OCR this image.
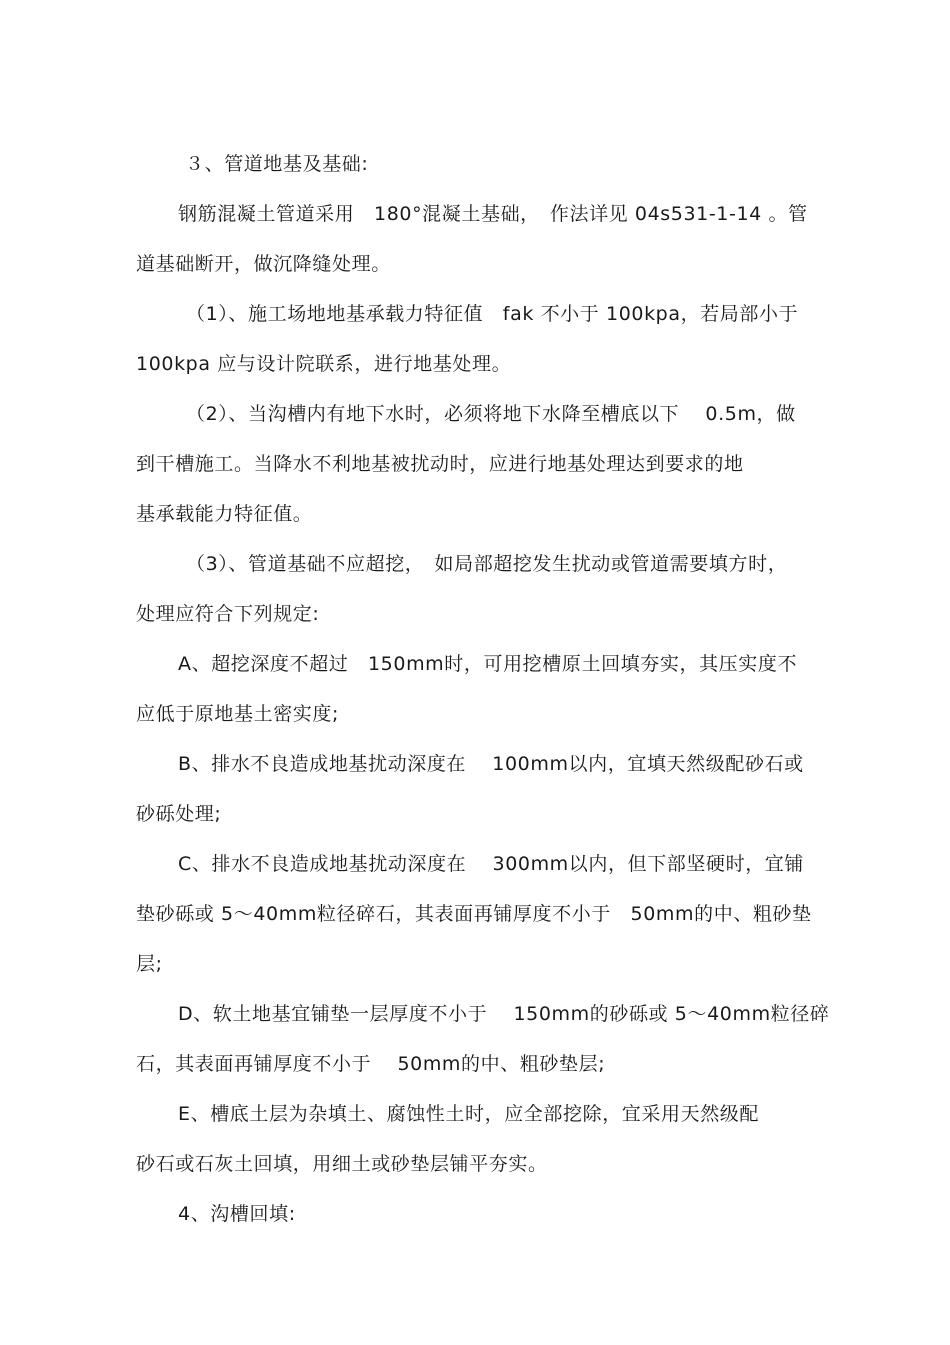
３、管道地基及基础:
钢筋混凝土管道采用　180°混凝土基础，　作法详见 04s531-1-14 。管
道基础断开，做沉降缝处理。
（1）、施工场地地基承载力特征值　fak 不小于 100kpa，若局部小于
100kpa 应与设计院联系，进行地基处理。
（2）、当沟槽内有地下水时，必须将地下水降至槽底以下　 0.5m，做
到干槽施工。当降水不利地基被扰动时，应进行地基处理达到要求的地
基承载能力特征值。
（3）、管道基础不应超挖，　如局部超挖发生扰动或管道需要填方时，
处理应符合下列规定:
A、超挖深度不超过　150mm时，可用挖槽原土回填夯实，其压实度不
应低于原地基土密实度;
B、排水不良造成地基扰动深度在　 100mm以内，宜填天然级配砂石或
砂砾处理;
C、排水不良造成地基扰动深度在　 300mm以内，但下部坚硬时，宜铺
垫砂砾或 5～40mm粒径碎石，其表面再铺厚度不小于　50mm的中、粗砂垫
层;
D、软土地基宜铺垫一层厚度不小于　 150mm的砂砾或 5～40mm粒径碎
石，其表面再铺厚度不小于　 50mm的中、粗砂垫层;
E、槽底土层为杂填土、腐蚀性土时，应全部挖除，宜采用天然级配
砂石或石灰土回填，用细土或砂垫层铺平夯实。
4、沟槽回填:
